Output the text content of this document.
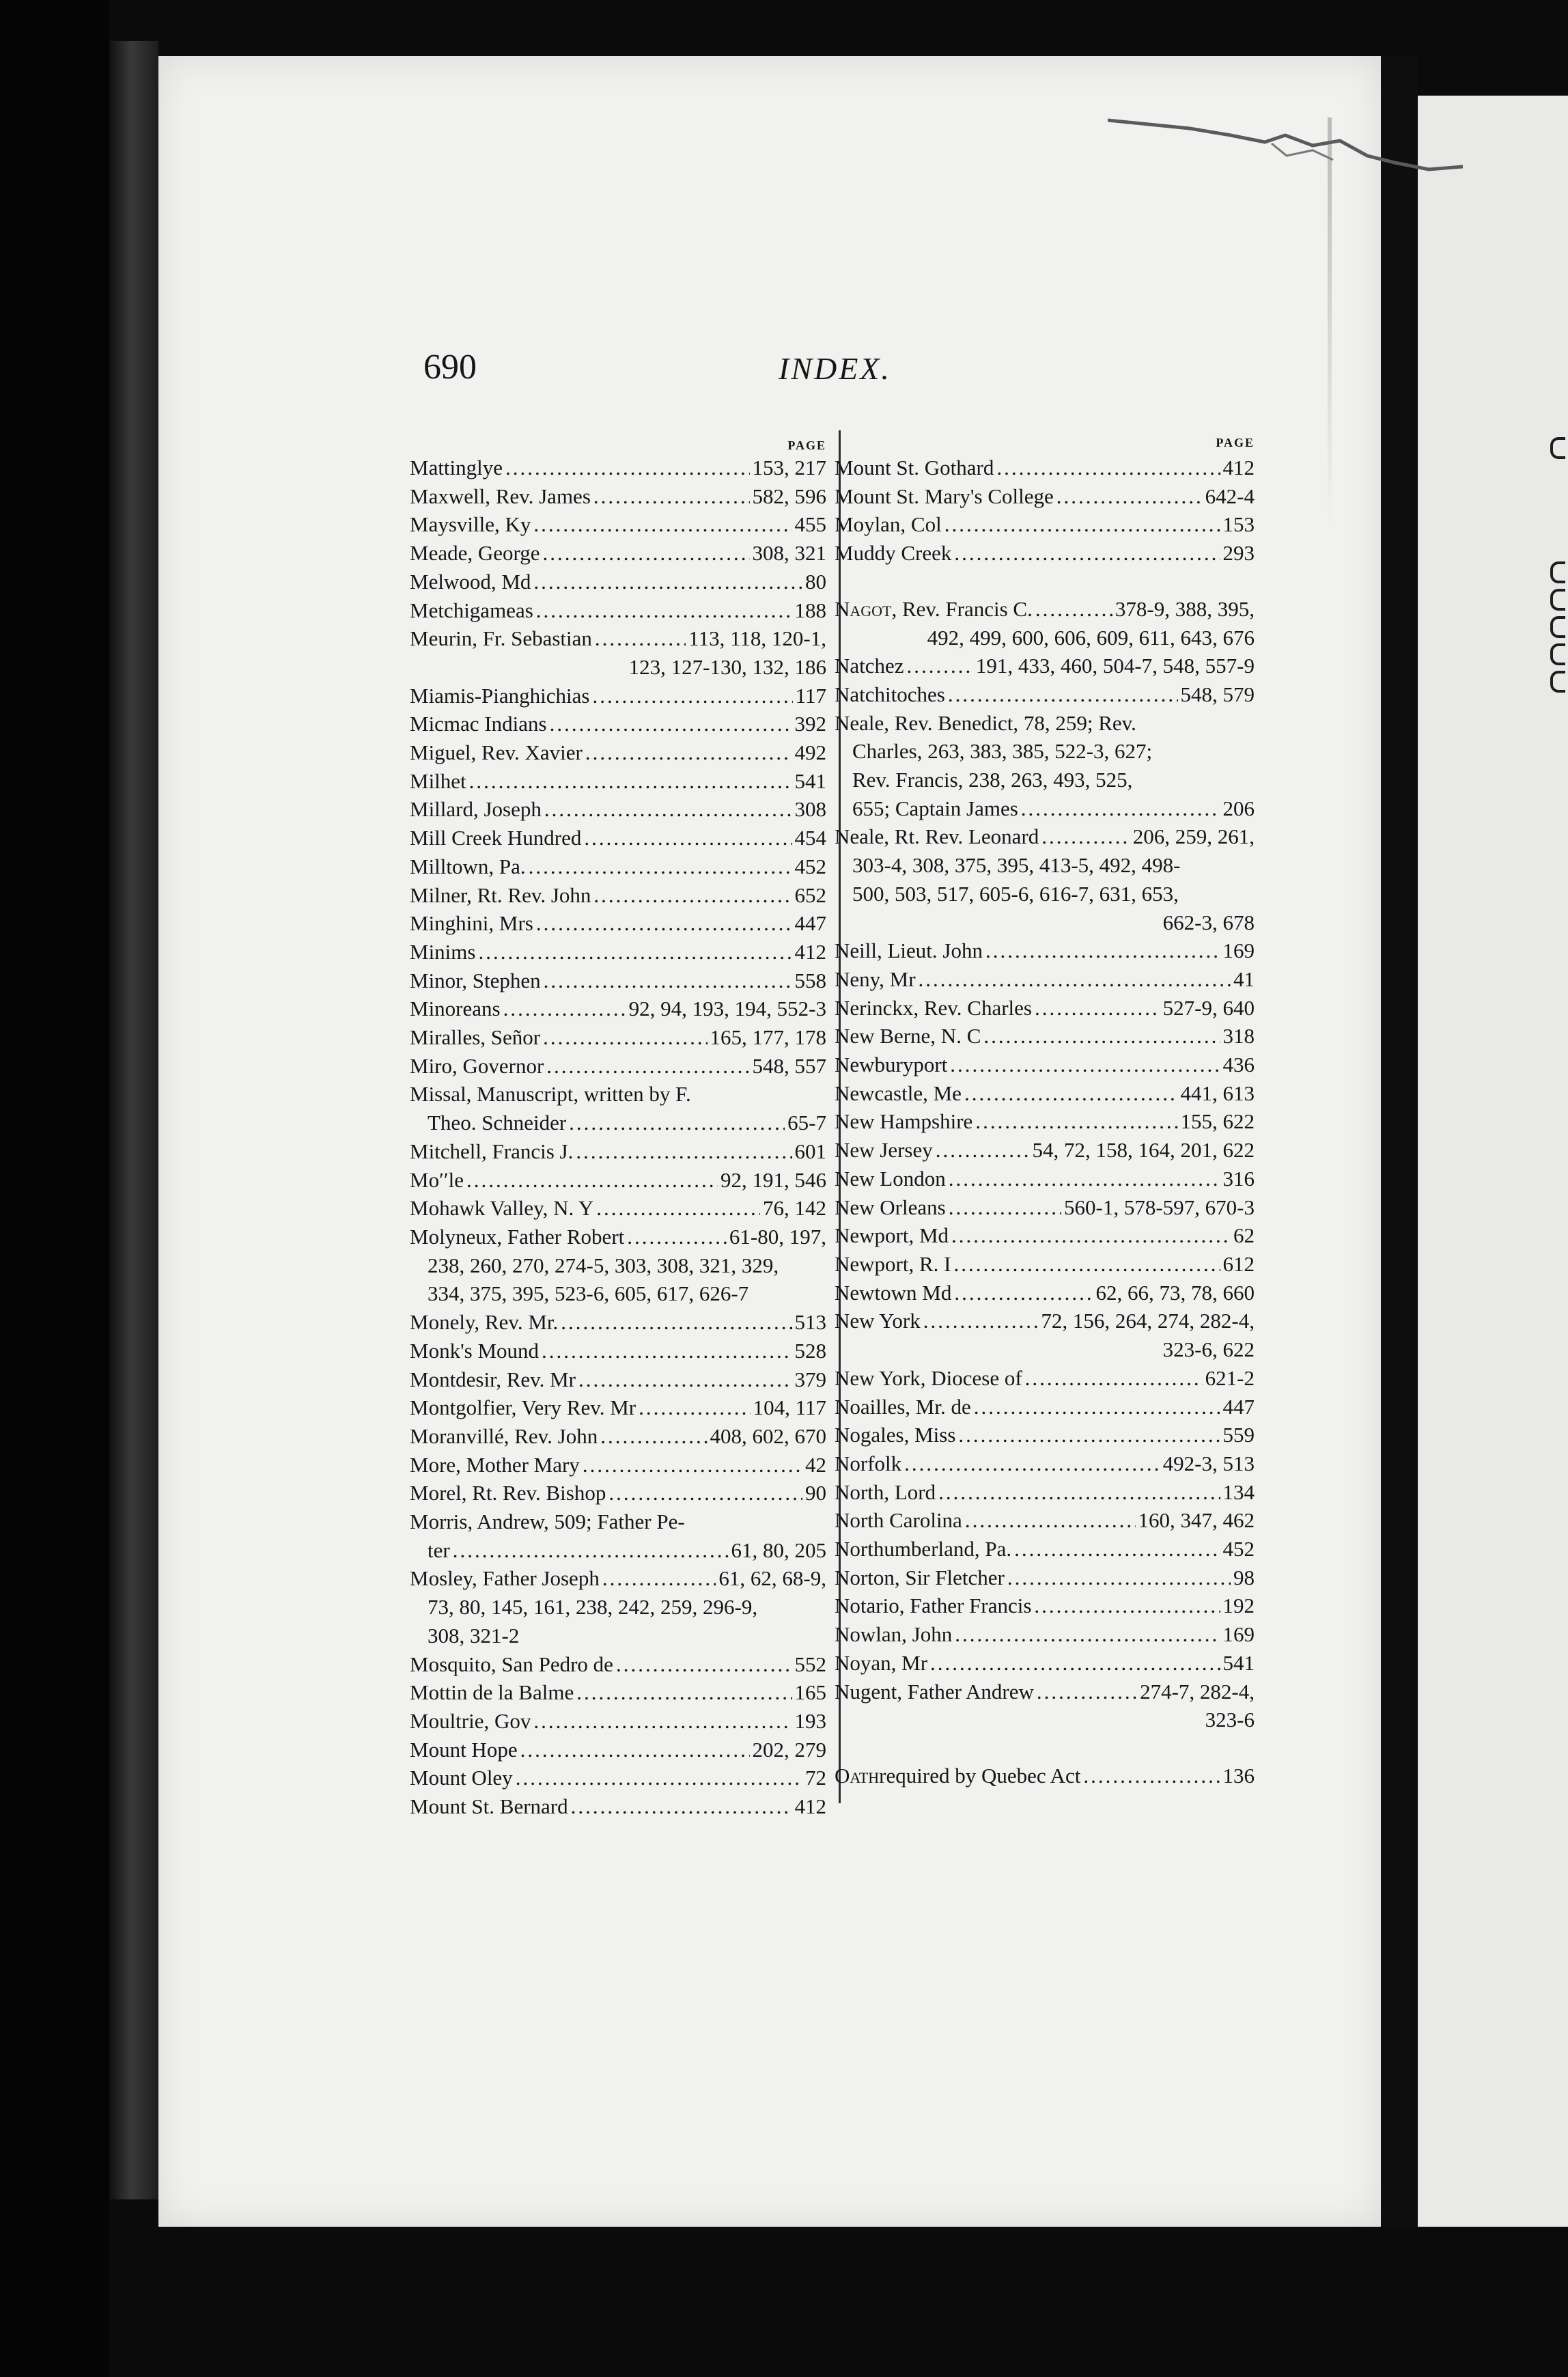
690	INDEX.
PAGE
Mattinglye .....	153, 217
Maxwell, Rev. James .....	582, 596
Maysville, Ky .....	455
Meade, George .....	308, 321
Melwood, Md .....	80
Metchigameas .....	188
Meurin, Fr. Sebastian .....	113, 118, 120-1,
123, 127-130, 132, 186
Miamis-Pianghichias .....	117
Micmac Indians .....	392
Miguel, Rev. Xavier .....	492
Milhet .....	541
Millard, Joseph .....	308
Mill Creek Hundred .....	454
Milltown, Pa. .....	452
Milner, Rt. Rev. John .....	652
Minghini, Mrs .....	447
Minims .....	412
Minor, Stephen .....	558
Minoreans .....	92, 94, 193, 194, 552-3
Miralles, Señor .....	165, 177, 178
Miro, Governor .....	548, 557
Missal, Manuscript, written by F.
Theo. Schneider .....	65-7
Mitchell, Francis J. .....	601
Moʹʹle .....	92, 191, 546
Mohawk Valley, N. Y .....	76, 142
Molyneux, Father Robert .....	61-80, 197,
238, 260, 270, 274-5, 303, 308, 321, 329,
334, 375, 395, 523-6, 605, 617, 626-7
Monely, Rev. Mr. .....	513
Monk's Mound .....	528
Montdesir, Rev. Mr .....	379
Montgolfier, Very Rev. Mr .....	104, 117
Moranvillé, Rev. John .....	408, 602, 670
More, Mother Mary .....	42
Morel, Rt. Rev. Bishop .....	90
Morris, Andrew, 509; Father Pe-
ter .....	61, 80, 205
Mosley, Father Joseph .....	61, 62, 68-9,
73, 80, 145, 161, 238, 242, 259, 296-9,
308, 321-2
Mosquito, San Pedro de .....	552
Mottin de la Balme .....	165
Moultrie, Gov .....	193
Mount Hope .....	202, 279
Mount Oley .....	72
Mount St. Bernard .....	412
PAGE
Mount St. Gothard .....	412
Mount St. Mary's College .....	642-4
Moylan, Col .....	153
Muddy Creek .....	293
Nagot , Rev. Francis C. .....	378-9, 388, 395,
492, 499, 600, 606, 609, 611, 643, 676
Natchez .....	191, 433, 460, 504-7, 548, 557-9
Natchitoches .....	548, 579
Neale, Rev. Benedict, 78, 259; Rev.
Charles, 263, 383, 385, 522-3, 627;
Rev. Francis, 238, 263, 493, 525,
655; Captain James .....	206
Neale, Rt. Rev. Leonard .....	206, 259, 261,
303-4, 308, 375, 395, 413-5, 492, 498-
500, 503, 517, 605-6, 616-7, 631, 653,
662-3, 678
Neill, Lieut. John .....	169
Neny, Mr .....	41
Nerinckx, Rev. Charles .....	527-9, 640
New Berne, N. C .....	318
Newburyport .....	436
Newcastle, Me .....	441, 613
New Hampshire .....	155, 622
New Jersey .....	54, 72, 158, 164, 201, 622
New London .....	316
New Orleans .....	560-1, 578-597, 670-3
Newport, Md .....	62
Newport, R. I .....	612
Newtown Md .....	62, 66, 73, 78, 660
New York .....	72, 156, 264, 274, 282-4,
323-6, 622
New York, Diocese of .....	621-2
Noailles, Mr. de .....	447
Nogales, Miss .....	559
Norfolk .....	492-3, 513
North, Lord .....	134
North Carolina .....	160, 347, 462
Northumberland, Pa. .....	452
Norton, Sir Fletcher .....	98
Notario, Father Francis .....	192
Nowlan, John .....	169
Noyan, Mr .....	541
Nugent, Father Andrew .....	274-7, 282-4,
323-6
Oath required by Quebec Act .....	136
